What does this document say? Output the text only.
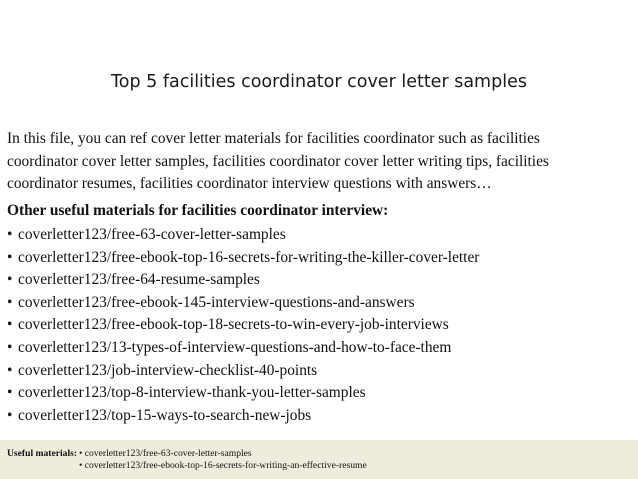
Top 5 facilities coordinator cover letter samples

In this file, you can ref cover letter materials for facilities coordinator such as facilities
coordinator cover letter samples, facilities coordinator cover letter writing tips, facilities
coordinator resumes, facilities coordinator interview questions with answers…

Other useful materials for facilities coordinator interview:

• coverletter123/free-63-cover-letter-samples
• coverletter123/free-ebook-top-16-secrets-for-writing-the-killer-cover-letter
• coverletter123/free-64-resume-samples
• coverletter123/free-ebook-145-interview-questions-and-answers
• coverletter123/free-ebook-top-18-secrets-to-win-every-job-interviews
• coverletter123/13-types-of-interview-questions-and-how-to-face-them
• coverletter123/job-interview-checklist-40-points
• coverletter123/top-8-interview-thank-you-letter-samples
• coverletter123/top-15-ways-to-search-new-jobs
Useful materials: • coverletter123/free-63-cover-letter-samples
• coverletter123/free-ebook-top-16-secrets-for-writing-an-effective-resume
